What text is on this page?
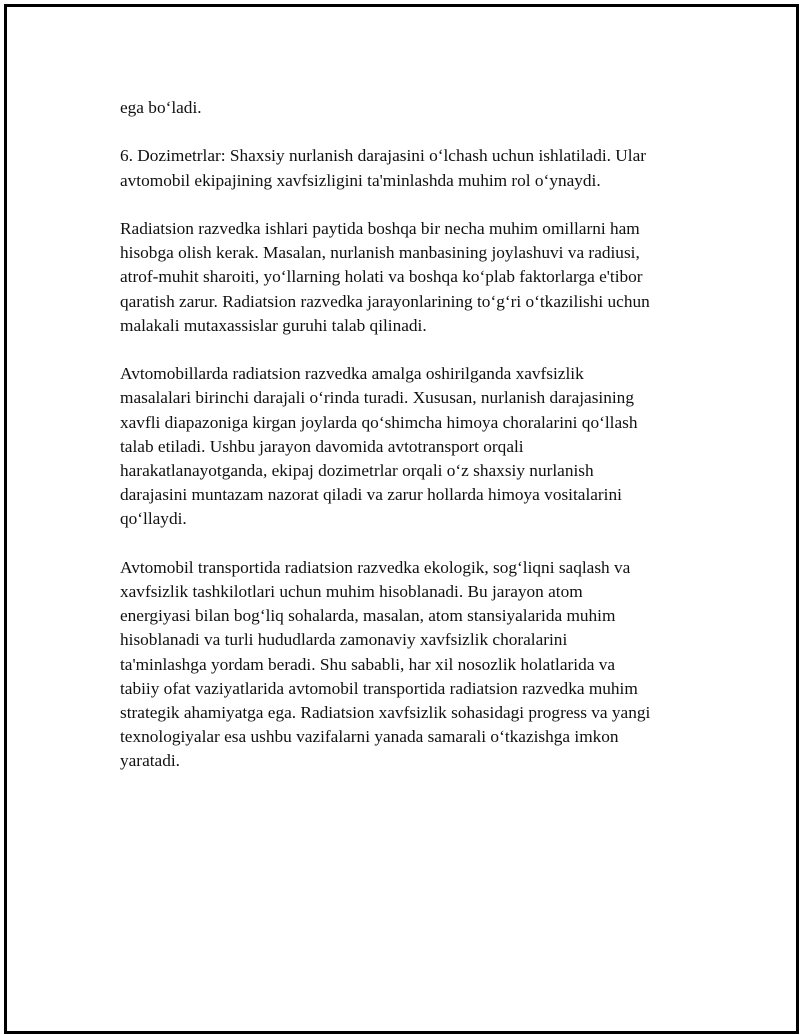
ega bo‘ladi.

6. Dozimetrlar: Shaxsiy nurlanish darajasini o‘lchash uchun ishlatiladi. Ular
avtomobil ekipajining xavfsizligini ta'minlashda muhim rol o‘ynaydi.

Radiatsion razvedka ishlari paytida boshqa bir necha muhim omillarni ham
hisobga olish kerak. Masalan, nurlanish manbasining joylashuvi va radiusi,
atrof-muhit sharoiti, yo‘llarning holati va boshqa ko‘plab faktorlarga e'tibor
qaratish zarur. Radiatsion razvedka jarayonlarining to‘g‘ri o‘tkazilishi uchun
malakali mutaxassislar guruhi talab qilinadi.

Avtomobillarda radiatsion razvedka amalga oshirilganda xavfsizlik
masalalari birinchi darajali o‘rinda turadi. Xususan, nurlanish darajasining
xavfli diapazoniga kirgan joylarda qo‘shimcha himoya choralarini qo‘llash
talab etiladi. Ushbu jarayon davomida avtotransport orqali
harakatlanayotganda, ekipaj dozimetrlar orqali o‘z shaxsiy nurlanish
darajasini muntazam nazorat qiladi va zarur hollarda himoya vositalarini
qo‘llaydi.

Avtomobil transportida radiatsion razvedka ekologik, sog‘liqni saqlash va
xavfsizlik tashkilotlari uchun muhim hisoblanadi. Bu jarayon atom
energiyasi bilan bog‘liq sohalarda, masalan, atom stansiyalarida muhim
hisoblanadi va turli hududlarda zamonaviy xavfsizlik choralarini
ta'minlashga yordam beradi. Shu sababli, har xil nosozlik holatlarida va
tabiiy ofat vaziyatlarida avtomobil transportida radiatsion razvedka muhim
strategik ahamiyatga ega. Radiatsion xavfsizlik sohasidagi progress va yangi
texnologiyalar esa ushbu vazifalarni yanada samarali o‘tkazishga imkon
yaratadi.
